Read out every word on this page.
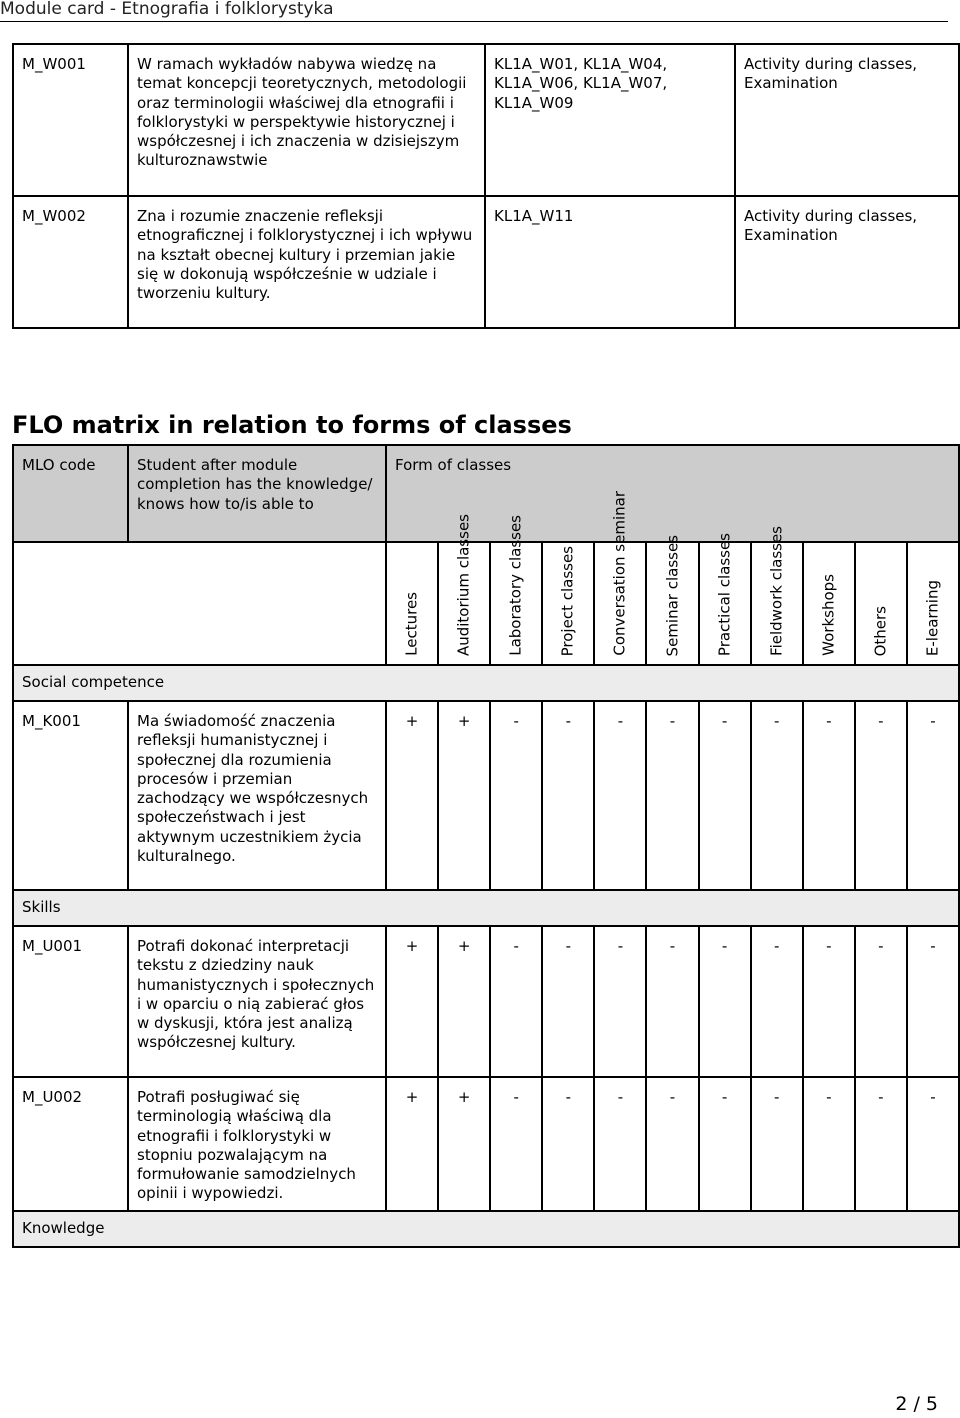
Module card - Etnografia i folklorystyka
M_W001	W ramach wykładów nabywa wiedzę na temat koncepcji teoretycznych, metodologii oraz terminologii właściwej dla etnografii i folklorystyki w perspektywie historycznej i współczesnej i ich znaczenia w dzisiejszym kulturoznawstwie	KL1A_W01, KL1A_W04, KL1A_W06, KL1A_W07, KL1A_W09	Activity during classes, Examination
M_W002	Zna i rozumie znaczenie refleksji etnograficznej i folklorystycznej i ich wpływu na kształt obecnej kultury i przemian jakie się w dokonują współcześnie w udziale i tworzeniu kultury.	KL1A_W11	Activity during classes, Examination
FLO matrix in relation to forms of classes
MLO code	Student after module completion has the knowledge/ knows how to/is able to	Form of classes										

		Lectures	Auditorium classes	Laboratory classes	Project classes	Conversation seminar	Seminar classes	Practical classes	Fieldwork classes	Workshops	Others	E-learning

Social competence												
M_K001	Ma świadomość znaczenia refleksji humanistycznej i społecznej dla rozumienia procesów i przemian zachodzący we współczesnych społeczeństwach i jest aktywnym uczestnikiem życia kulturalnego.	+	+	-	-	-	-	-	-	-	-	-
Skills												
M_U001	Potrafi dokonać interpretacji tekstu z dziedziny nauk humanistycznych i społecznych i w oparciu o nią zabierać głos w dyskusji, która jest analizą współczesnej kultury.	+	+	-	-	-	-	-	-	-	-	-
M_U002	Potrafi posługiwać się terminologią właściwą dla etnografii i folklorystyki w stopniu pozwalającym na formułowanie samodzielnych opinii i wypowiedzi.	+	+	-	-	-	-	-	-	-	-	-
Knowledge												
2 / 5
